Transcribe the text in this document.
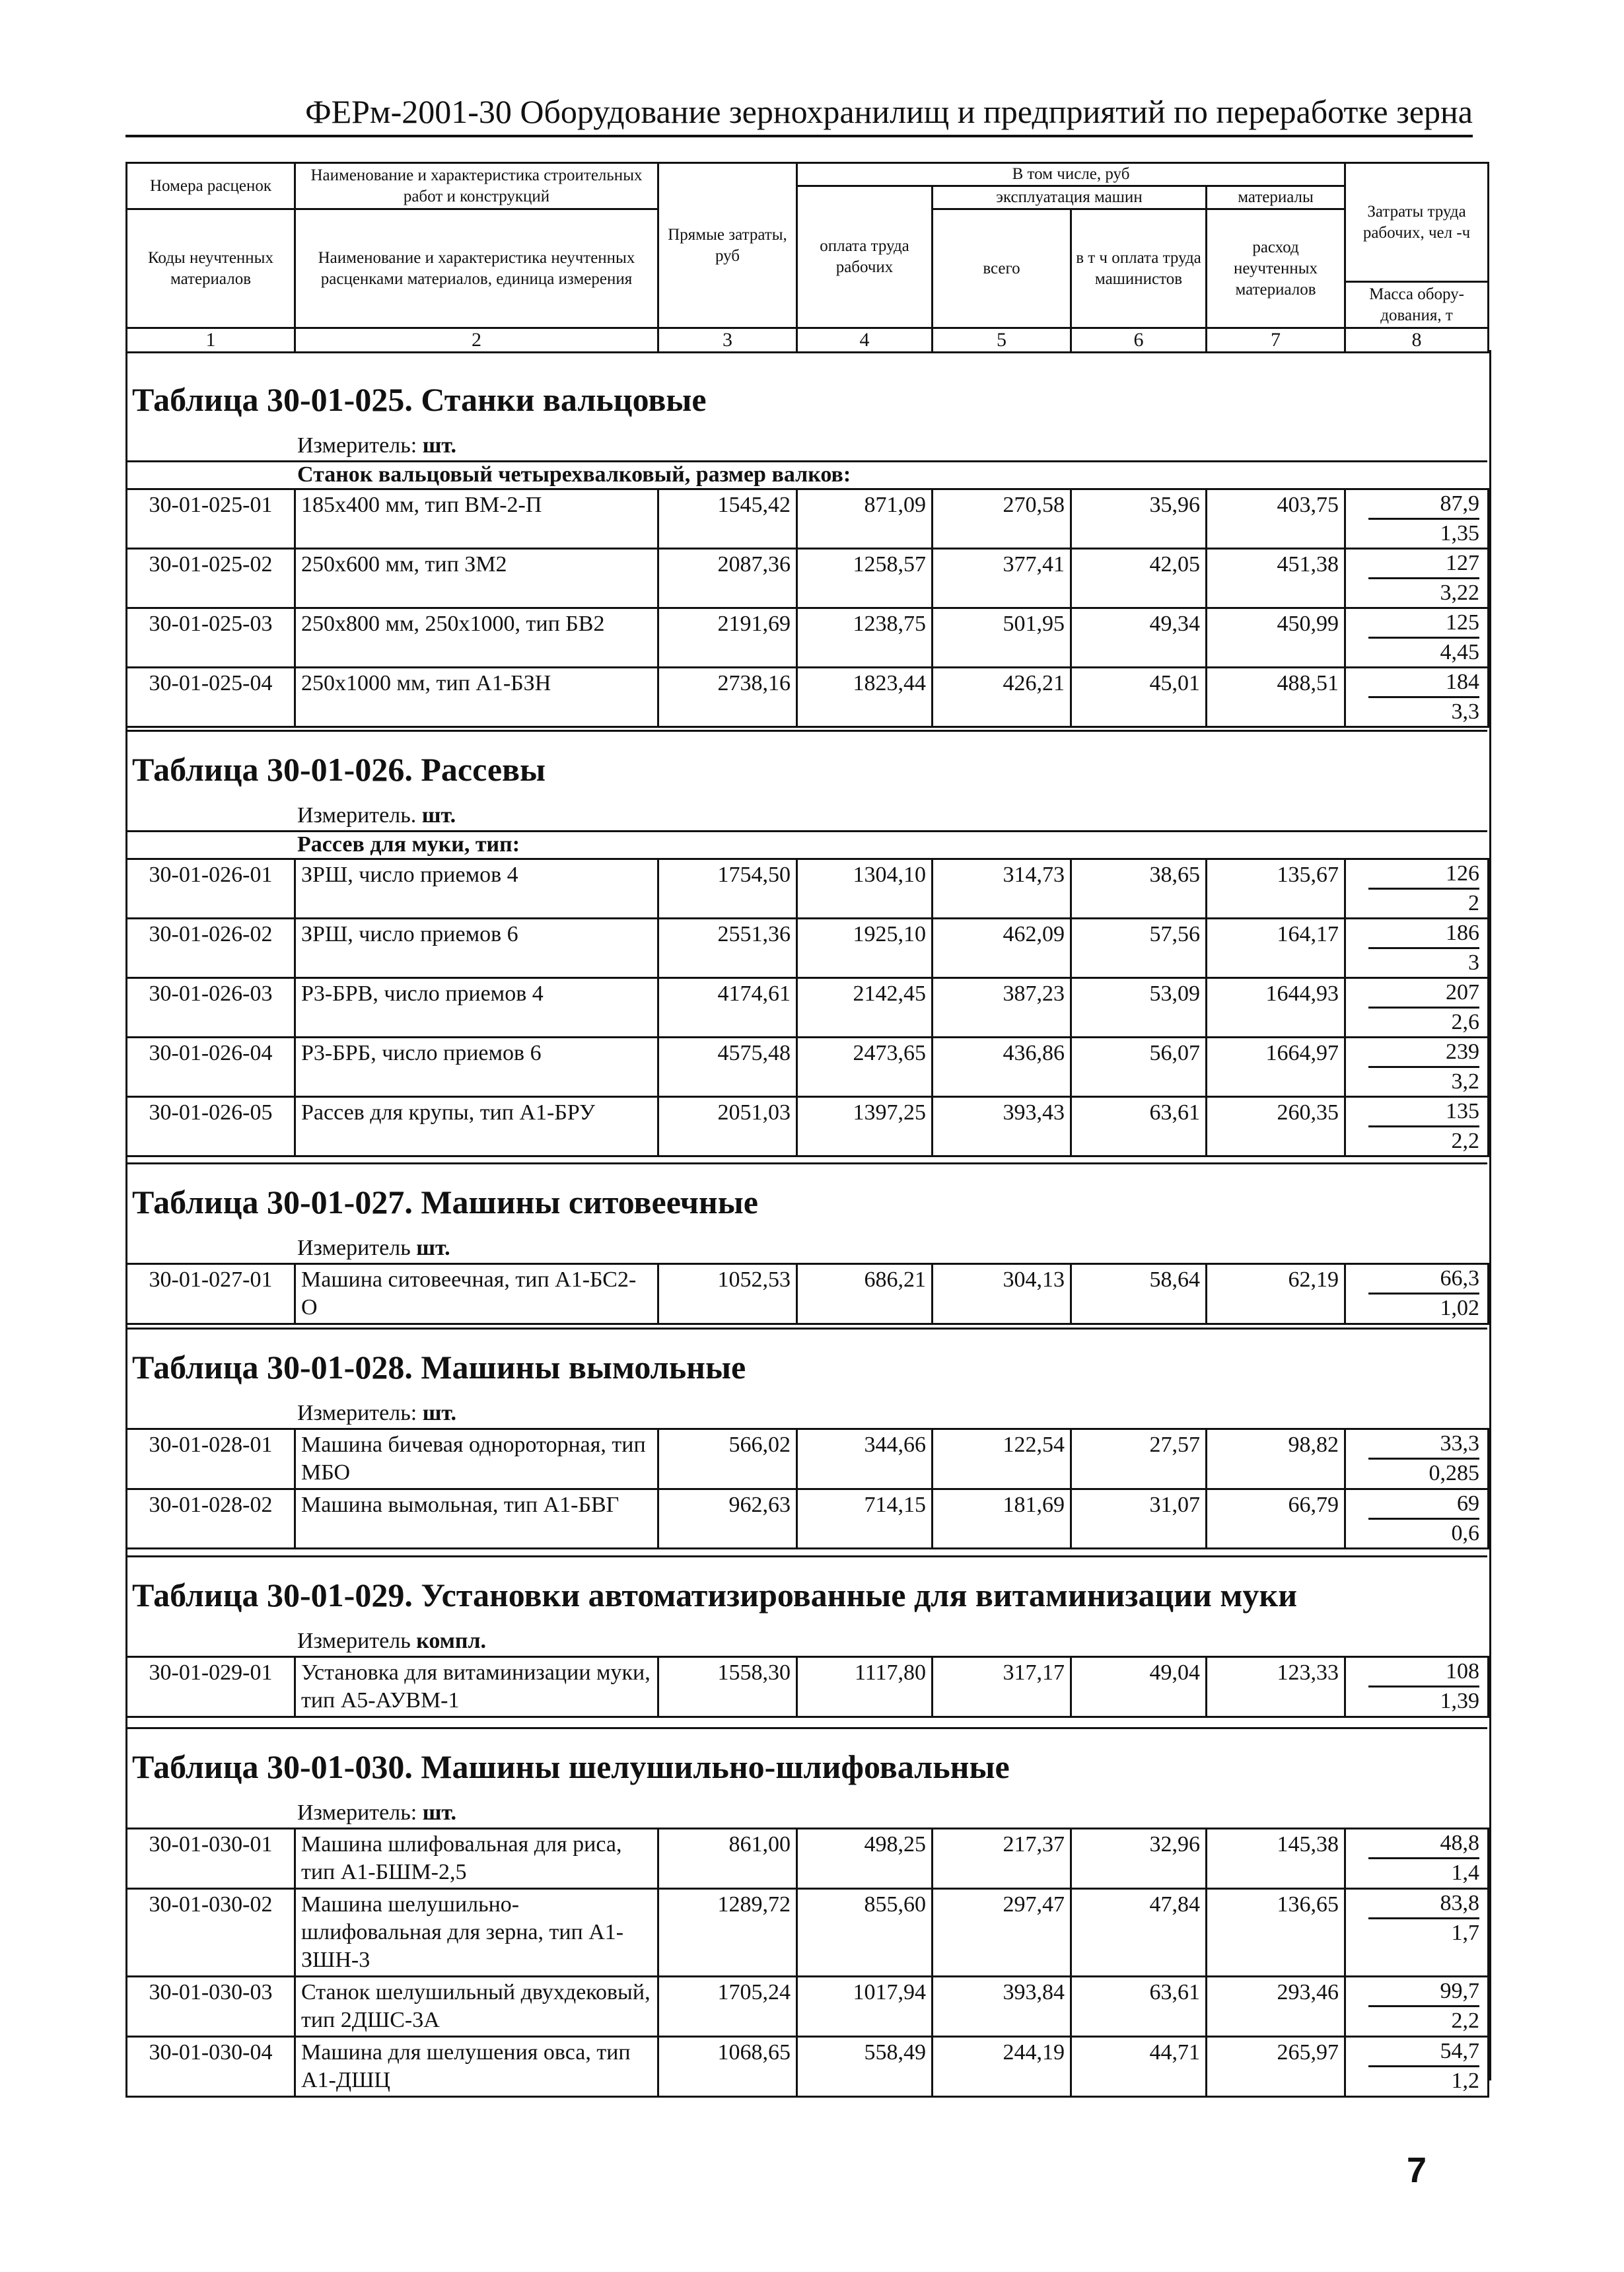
ФЕРм-2001-30 Оборудование зернохранилищ и предприятий по переработке зерна
Номера расценок	Наименование и характеристика строительных работ и конструкций	Прямые затраты, руб	В том числе, руб				Затраты труда рабочих, чел -ч
			оплата труда рабочих	эксплуатация машин		материалы	
Коды неучтенных материалов	Наименование и характеристика неучтенных расценками материалов, единица измерения			всего	в т ч оплата труда машинистов	расход неучтенных материалов	
							Масса обору-дования, т
1	2	3	4	5	6	7	8
Таблица 30-01-025. Станки вальцовые
Измеритель: шт.
Станок вальцовый четырехвалковый, размер валков:
30-01-025-01	185х400 мм, тип ВМ-2-П	1545,42	871,09	270,58	35,96	403,75	87,9
1,35

30-01-025-02	250х600 мм, тип ЗМ2	2087,36	1258,57	377,41	42,05	451,38	127
3,22

30-01-025-03	250х800 мм, 250х1000, тип БВ2	2191,69	1238,75	501,95	49,34	450,99	125
4,45

30-01-025-04	250х1000 мм, тип А1-БЗН	2738,16	1823,44	426,21	45,01	488,51	184
3,3
Таблица 30-01-026. Рассевы
Измеритель. шт.
Рассев для муки, тип:
30-01-026-01	ЗРШ, число приемов 4	1754,50	1304,10	314,73	38,65	135,67	126
2

30-01-026-02	ЗРШ, число приемов 6	2551,36	1925,10	462,09	57,56	164,17	186
3

30-01-026-03	Р3-БРВ, число приемов 4	4174,61	2142,45	387,23	53,09	1644,93	207
2,6

30-01-026-04	Р3-БРБ, число приемов 6	4575,48	2473,65	436,86	56,07	1664,97	239
3,2

30-01-026-05	Рассев для крупы, тип А1-БРУ	2051,03	1397,25	393,43	63,61	260,35	135
2,2
Таблица 30-01-027. Машины ситовеечные
Измеритель шт.
30-01-027-01	Машина ситовеечная, тип А1-БС2-О	1052,53	686,21	304,13	58,64	62,19	66,3
1,02
Таблица 30-01-028. Машины вымольные
Измеритель: шт.
30-01-028-01	Машина бичевая однороторная, тип МБО	566,02	344,66	122,54	27,57	98,82	33,3
0,285

30-01-028-02	Машина вымольная, тип А1-БВГ	962,63	714,15	181,69	31,07	66,79	69
0,6
Таблица 30-01-029. Установки автоматизированные для витаминизации муки
Измеритель компл.
30-01-029-01	Установка для витаминизации муки, тип А5-АУВМ-1	1558,30	1117,80	317,17	49,04	123,33	108
1,39
Таблица 30-01-030. Машины шелушильно-шлифовальные
Измеритель: шт.
30-01-030-01	Машина шлифовальная для риса, тип А1-БШМ-2,5	861,00	498,25	217,37	32,96	145,38	48,8
1,4

30-01-030-02	Машина шелушильно-шлифовальная для зерна, тип А1-ЗШН-3	1289,72	855,60	297,47	47,84	136,65	83,8
1,7

30-01-030-03	Станок шелушильный двухдековый, тип 2ДШС-3А	1705,24	1017,94	393,84	63,61	293,46	99,7
2,2

30-01-030-04	Машина для шелушения овса, тип А1-ДШЦ	1068,65	558,49	244,19	44,71	265,97	54,7
1,2
7
